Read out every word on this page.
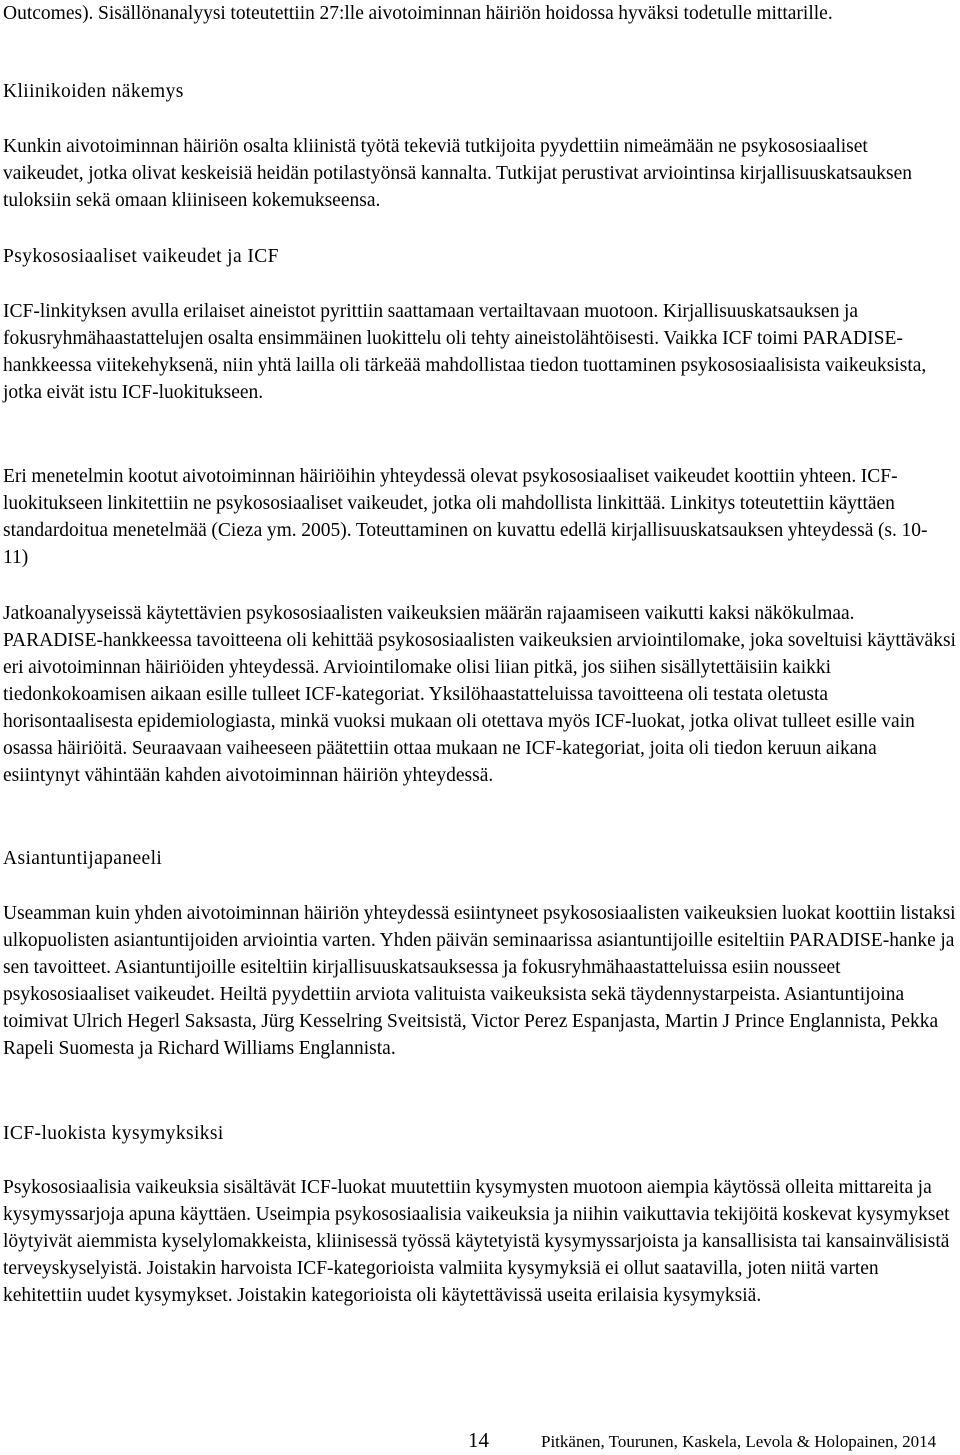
Outcomes). Sisällönanalyysi toteutettiin 27:lle aivotoiminnan häiriön hoidossa hyväksi todetulle mittarille.

Kliinikoiden näkemys

Kunkin aivotoiminnan häiriön osalta kliinistä työtä tekeviä tutkijoita pyydettiin nimeämään ne psykososiaaliset vaikeudet, jotka olivat keskeisiä heidän potilastyönsä kannalta. Tutkijat perustivat arviointinsa kirjallisuuskatsauksen tuloksiin sekä omaan kliiniseen kokemukseensa.

Psykososiaaliset vaikeudet ja ICF

ICF-linkityksen avulla erilaiset aineistot pyrittiin saattamaan vertailtavaan muotoon. Kirjallisuuskatsauksen ja fokusryhmähaastattelujen osalta ensimmäinen luokittelu oli tehty aineistolähtöisesti. Vaikka ICF toimi PARADISE-hankkeessa viitekehyksenä, niin yhtä lailla oli tärkeää mahdollistaa tiedon tuottaminen psykososiaalisista vaikeuksista, jotka eivät istu ICF-luokitukseen.

Eri menetelmin kootut aivotoiminnan häiriöihin yhteydessä olevat psykososiaaliset vaikeudet koottiin yhteen. ICF-luokitukseen linkitettiin ne psykososiaaliset vaikeudet, jotka oli mahdollista linkittää. Linkitys toteutettiin käyttäen standardoitua menetelmää (Cieza ym. 2005). Toteuttaminen on kuvattu edellä kirjallisuuskatsauksen yhteydessä (s. 10-11)

Jatkoanalyyseissä käytettävien psykososiaalisten vaikeuksien määrän rajaamiseen vaikutti kaksi näkökulmaa. PARADISE-hankkeessa tavoitteena oli kehittää psykososiaalisten vaikeuksien arviointilomake, joka soveltuisi käyttäväksi eri aivotoiminnan häiriöiden yhteydessä. Arviointilomake olisi liian pitkä, jos siihen sisällytettäisiin kaikki tiedonkokoamisen aikaan esille tulleet ICF-kategoriat. Yksilöhaastatteluissa tavoitteena oli testata oletusta horisontaalisesta epidemiologiasta, minkä vuoksi mukaan oli otettava myös ICF-luokat, jotka olivat tulleet esille vain osassa häiriöitä. Seuraavaan vaiheeseen päätettiin ottaa mukaan ne ICF-kategoriat, joita oli tiedon keruun aikana esiintynyt vähintään kahden aivotoiminnan häiriön yhteydessä.

Asiantuntijapaneeli

Useamman kuin yhden aivotoiminnan häiriön yhteydessä esiintyneet psykososiaalisten vaikeuksien luokat koottiin listaksi ulkopuolisten asiantuntijoiden arviointia varten. Yhden päivän seminaarissa asiantuntijoille esiteltiin PARADISE-hanke ja sen tavoitteet. Asiantuntijoille esiteltiin kirjallisuuskatsauksessa ja fokusryhmähaastatteluissa esiin nousseet psykososiaaliset vaikeudet. Heiltä pyydettiin arviota valituista vaikeuksista sekä täydennystarpeista. Asiantuntijoina toimivat Ulrich Hegerl Saksasta, Jürg Kesselring Sveitsistä, Victor Perez Espanjasta, Martin J Prince Englannista, Pekka Rapeli Suomesta ja Richard Williams Englannista.

ICF-luokista kysymyksiksi

Psykososiaalisia vaikeuksia sisältävät ICF-luokat muutettiin kysymysten muotoon aiempia käytössä olleita mittareita ja kysymyssarjoja apuna käyttäen. Useimpia psykososiaalisia vaikeuksia ja niihin vaikuttavia tekijöitä koskevat kysymykset löytyivät aiemmista kyselylomakkeista, kliinisessä työssä käytetyistä kysymyssarjoista ja kansallisista tai kansainvälisistä terveyskyselyistä. Joistakin harvoista ICF-kategorioista valmiita kysymyksiä ei ollut saatavilla, joten niitä varten kehitettiin uudet kysymykset. Joistakin kategorioista oli käytettävissä useita erilaisia kysymyksiä.

14	Pitkänen, Tourunen, Kaskela, Levola & Holopainen, 2014
